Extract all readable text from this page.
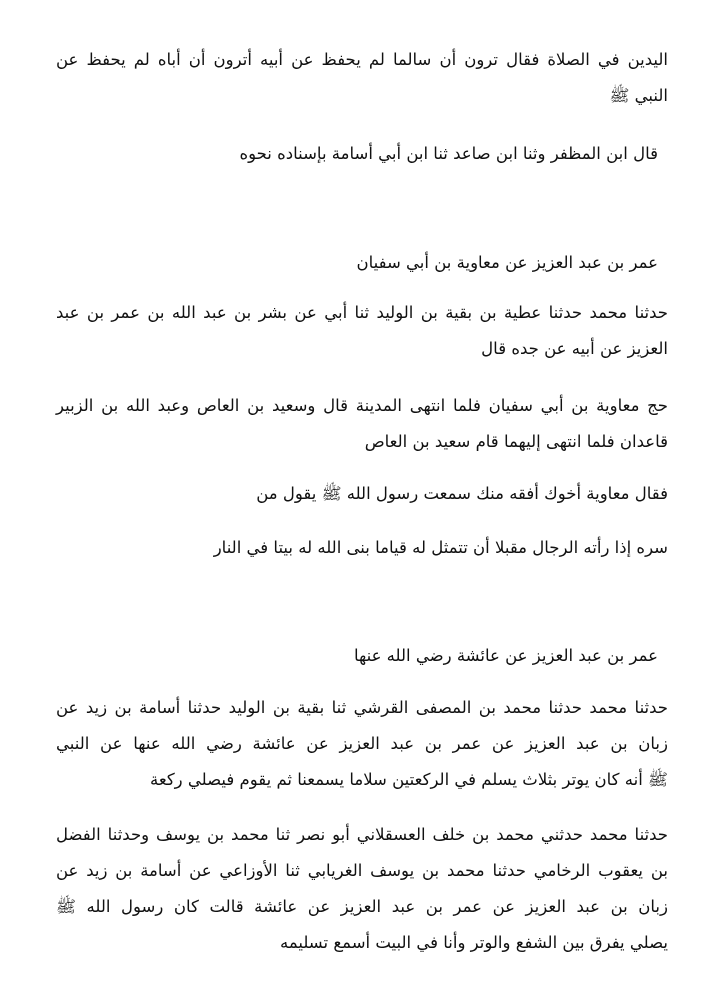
اليدين في الصلاة فقال ترون أن سالما لم يحفظ عن أبيه أترون أن أباه لم يحفظ عن
النبي ﷺ

قال ابن المظفر وثنا ابن صاعد ثنا ابن أبي أسامة بإسناده نحوه

عمر بن عبد العزيز عن معاوية بن أبي سفيان

حدثنا محمد حدثنا عطية بن بقية بن الوليد ثنا أبي عن بشر بن عبد الله بن عمر بن عبد
العزيز عن أبيه عن جده قال

حج معاوية بن أبي سفيان فلما انتهى المدينة قال وسعيد بن العاص وعبد الله بن الزبير
قاعدان فلما انتهى إليهما قام سعيد بن العاص

فقال معاوية أخوك أفقه منك سمعت رسول الله ﷺ يقول من

سره إذا رأته الرجال مقبلا أن تتمثل له قياما بنى الله له بيتا في النار

عمر بن عبد العزيز عن عائشة رضي الله عنها

حدثنا محمد حدثنا محمد بن المصفى القرشي ثنا بقية بن الوليد حدثنا أسامة بن زيد عن
زبان بن عبد العزيز عن عمر بن عبد العزيز عن عائشة رضي الله عنها عن النبي
ﷺ أنه كان يوتر بثلاث يسلم في الركعتين سلاما يسمعنا ثم يقوم فيصلي ركعة

حدثنا محمد حدثني محمد بن خلف العسقلاني أبو نصر ثنا محمد بن يوسف وحدثنا الفضل
بن يعقوب الرخامي حدثنا محمد بن يوسف الغريابي ثنا الأوزاعي عن أسامة بن زيد عن
زبان بن عبد العزيز عن عمر بن عبد العزيز عن عائشة قالت كان رسول الله ﷺ
يصلي يفرق بين الشفع والوتر وأنا في البيت أسمع تسليمه
